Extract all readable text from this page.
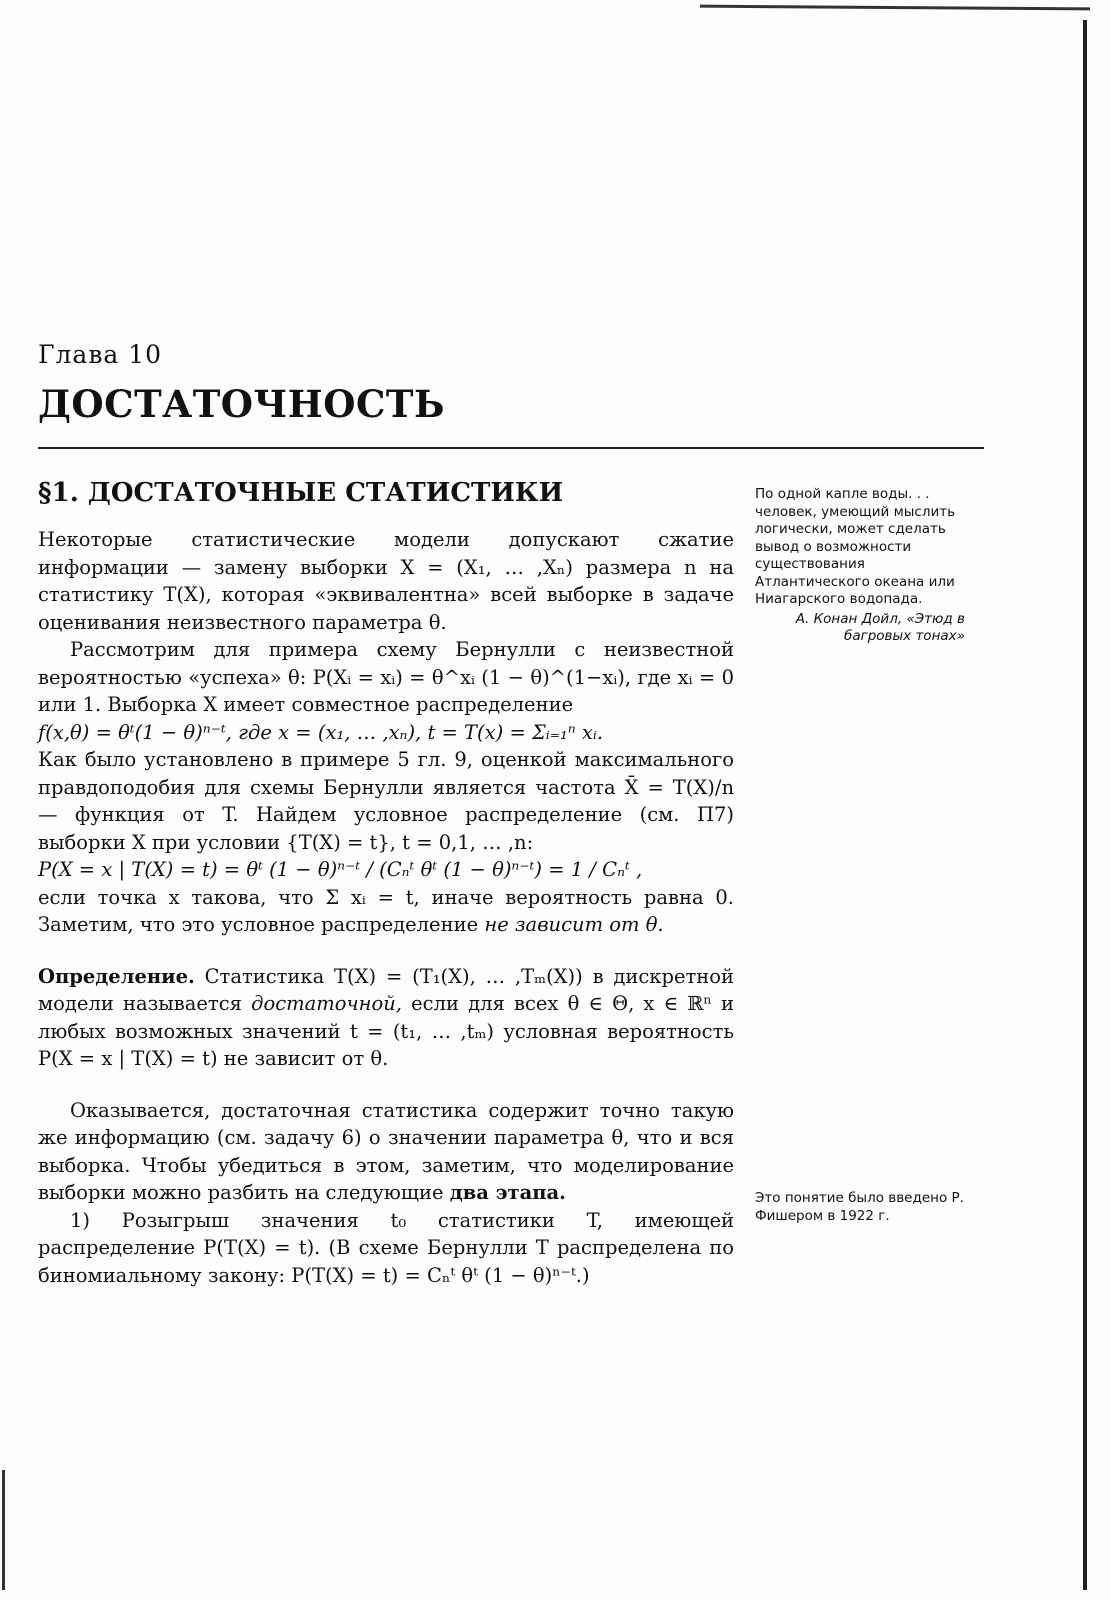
Глава 10
ДОСТАТОЧНОСТЬ
§1. ДОСТАТОЧНЫЕ СТАТИСТИКИ

Некоторые статистические модели допускают сжатие информации — замену выборки X = (X₁, … ,Xₙ) размера n на статистику T(X), которая «эквивалентна» всей выборке в задаче оценивания неизвестного параметра θ.

Рассмотрим для примера схему Бернулли с неизвестной вероятностью «успеха» θ: P(Xᵢ = xᵢ) = θ^xᵢ (1 − θ)^(1−xᵢ), где xᵢ = 0 или 1. Выборка X имеет совместное распределение

f(x,θ) = θᵗ(1 − θ)ⁿ⁻ᵗ, где x = (x₁, … ,xₙ), t = T(x) = Σᵢ₌₁ⁿ xᵢ.

Как было установлено в примере 5 гл. 9, оценкой максимального правдоподобия для схемы Бернулли является частота X̄ = T(X)/n — функция от T. Найдем условное распределение (см. П7) выборки X при условии {T(X) = t}, t = 0,1, … ,n:

P(X = x | T(X) = t) = θᵗ (1 − θ)ⁿ⁻ᵗ / (Cₙᵗ θᵗ (1 − θ)ⁿ⁻ᵗ) = 1 / Cₙᵗ ,

если точка x такова, что Σ xᵢ = t, иначе вероятность равна 0. Заметим, что это условное распределение не зависит от θ.

Определение. Статистика T(X) = (T₁(X), … ,Tₘ(X)) в дискретной модели называется достаточной, если для всех θ ∈ Θ, x ∈ ℝⁿ и любых возможных значений t = (t₁, … ,tₘ) условная вероятность P(X = x | T(X) = t) не зависит от θ.

Оказывается, достаточная статистика содержит точно такую же информацию (см. задачу 6) о значении параметра θ, что и вся выборка. Чтобы убедиться в этом, заметим, что моделирование выборки можно разбить на следующие два этапа.

1) Розыгрыш значения t₀ статистики T, имеющей распределение P(T(X) = t). (В схеме Бернулли T распределена по биномиальному закону: P(T(X) = t) = Cₙᵗ θᵗ (1 − θ)ⁿ⁻ᵗ.)

По одной капле воды. . . человек, умеющий мыслить логически, может сделать вывод о возможности существования Атлантического океана или Ниагарского водопада.

А. Конан Дойл, «Этюд в багровых тонах»

Это понятие было введено Р. Фишером в 1922 г.
